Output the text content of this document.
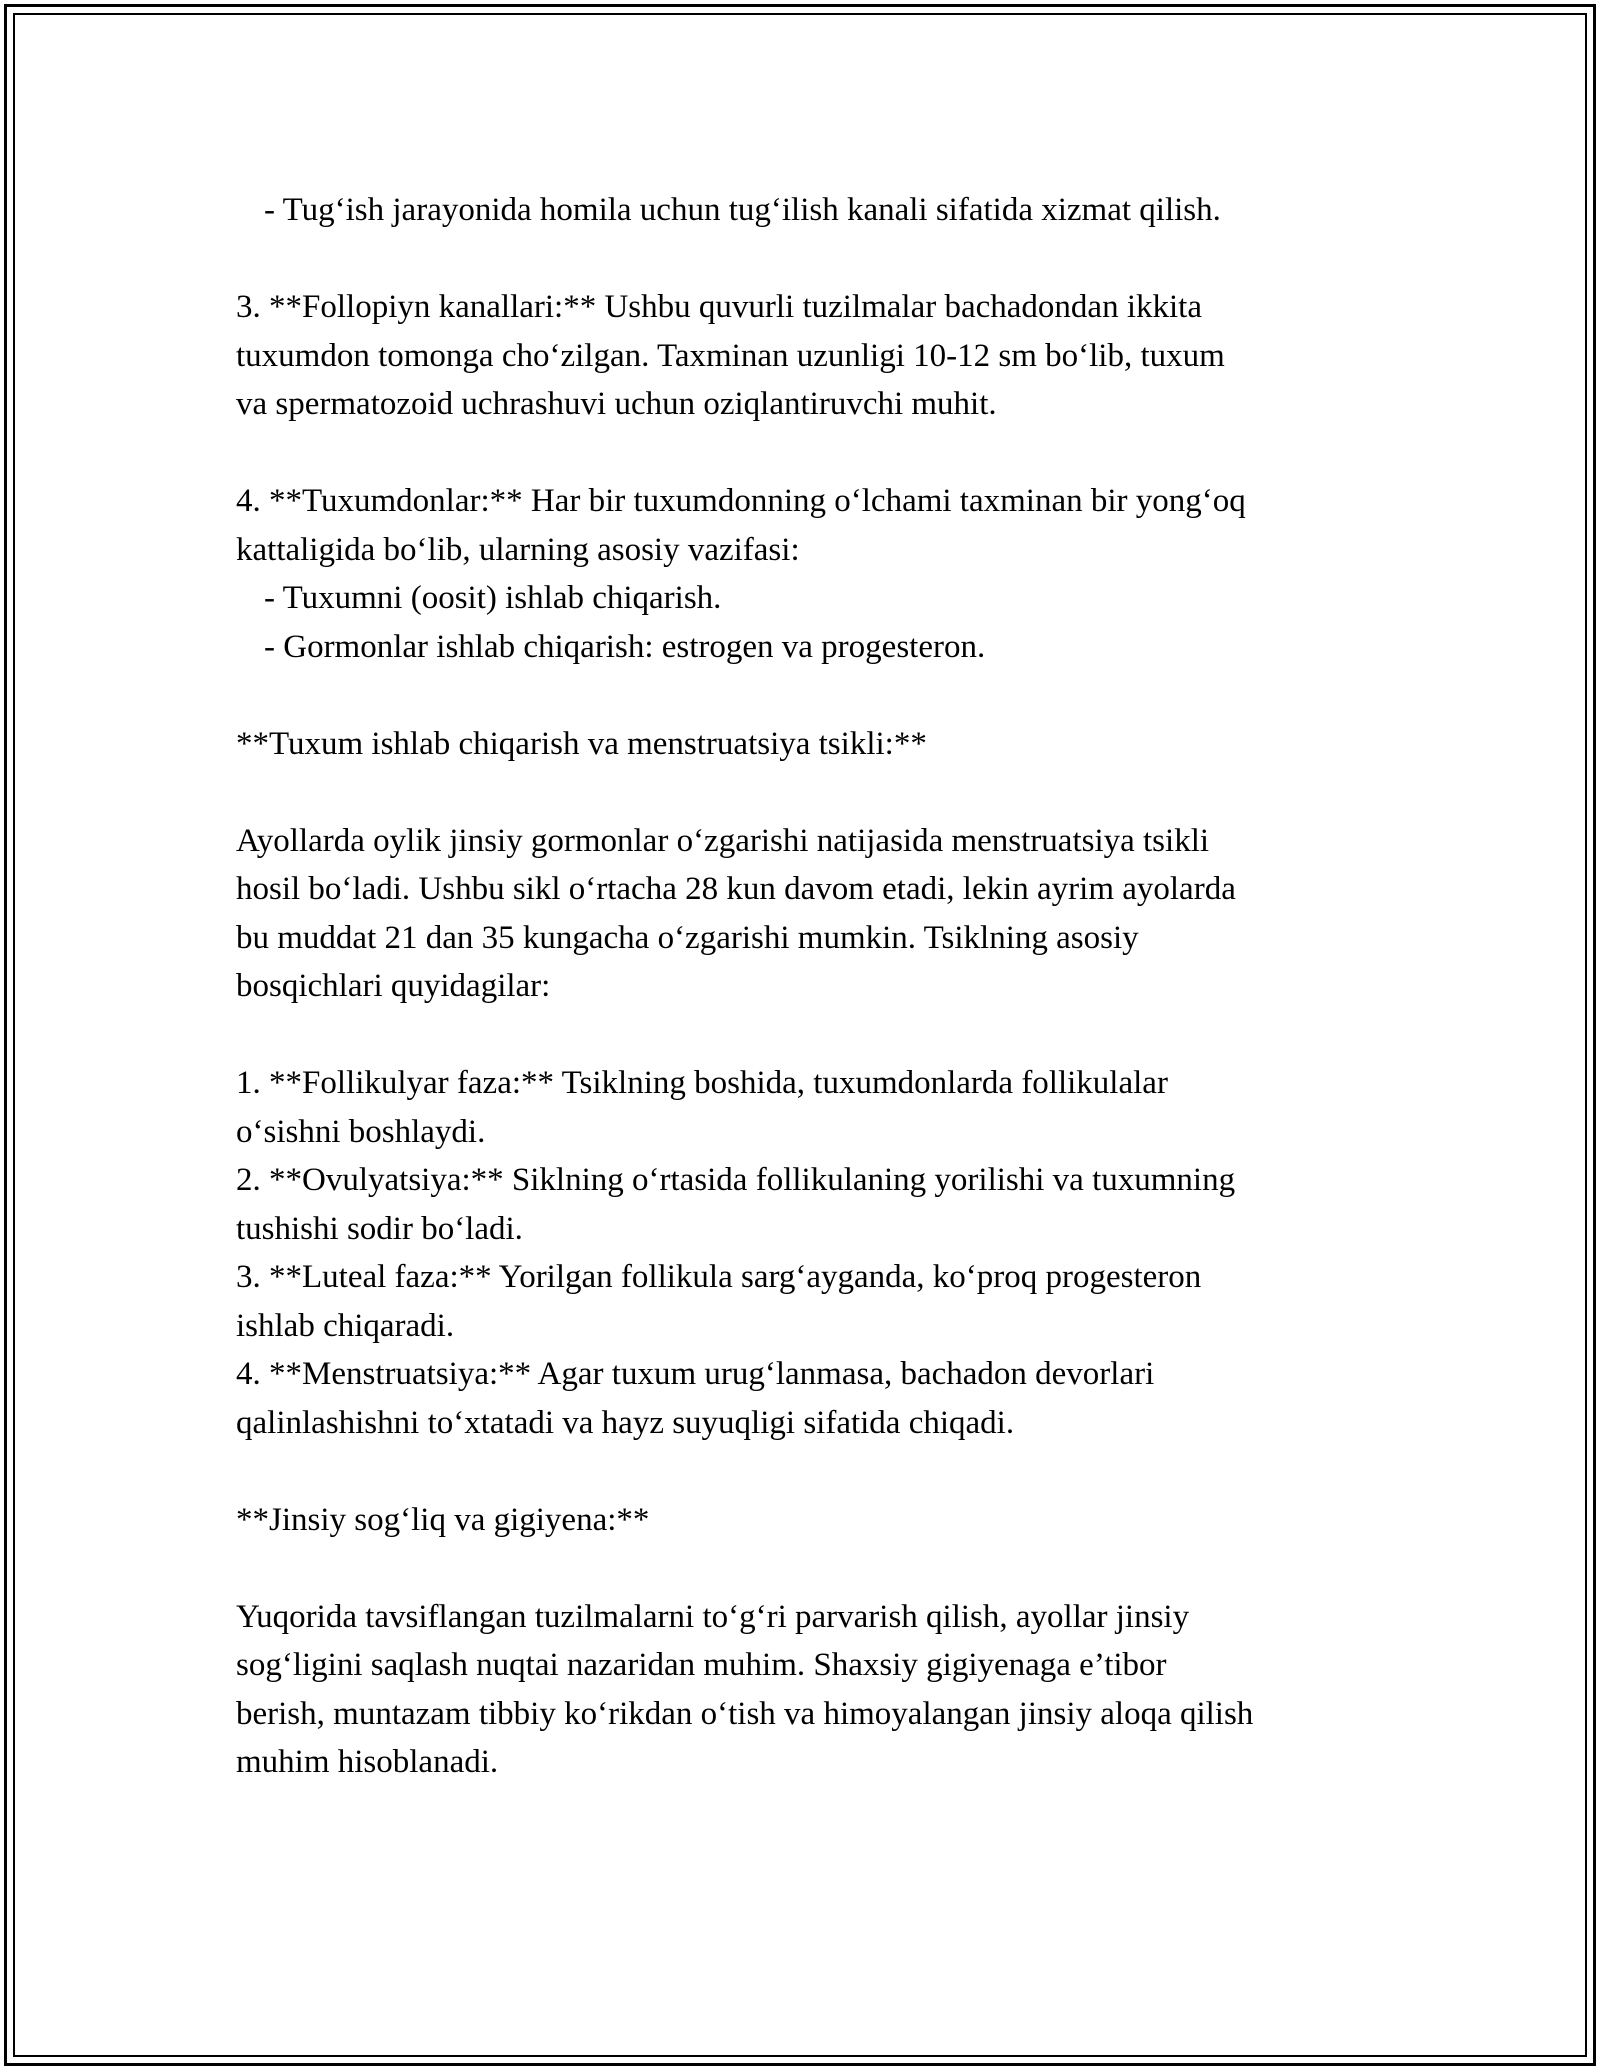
- Tug‘ish jarayonida homila uchun tug‘ilish kanali sifatida xizmat qilish.
3. **Follopiyn kanallari:** Ushbu quvurli tuzilmalar bachadondan ikkita
tuxumdon tomonga cho‘zilgan. Taxminan uzunligi 10-12 sm bo‘lib, tuxum
va spermatozoid uchrashuvi uchun oziqlantiruvchi muhit.
4. **Tuxumdonlar:** Har bir tuxumdonning o‘lchami taxminan bir yong‘oq
kattaligida bo‘lib, ularning asosiy vazifasi:
- Tuxumni (oosit) ishlab chiqarish.
- Gormonlar ishlab chiqarish: estrogen va progesteron.
**Tuxum ishlab chiqarish va menstruatsiya tsikli:**
Ayollarda oylik jinsiy gormonlar o‘zgarishi natijasida menstruatsiya tsikli
hosil bo‘ladi. Ushbu sikl o‘rtacha 28 kun davom etadi, lekin ayrim ayolarda
bu muddat 21 dan 35 kungacha o‘zgarishi mumkin. Tsiklning asosiy
bosqichlari quyidagilar:
1. **Follikulyar faza:** Tsiklning boshida, tuxumdonlarda follikulalar
o‘sishni boshlaydi.
2. **Ovulyatsiya:** Siklning o‘rtasida follikulaning yorilishi va tuxumning
tushishi sodir bo‘ladi.
3. **Luteal faza:** Yorilgan follikula sarg‘ayganda, ko‘proq progesteron
ishlab chiqaradi.
4. **Menstruatsiya:** Agar tuxum urug‘lanmasa, bachadon devorlari
qalinlashishni to‘xtatadi va hayz suyuqligi sifatida chiqadi.
**Jinsiy sog‘liq va gigiyena:**
Yuqorida tavsiflangan tuzilmalarni to‘g‘ri parvarish qilish, ayollar jinsiy
sog‘ligini saqlash nuqtai nazaridan muhim. Shaxsiy gigiyenaga e’tibor
berish, muntazam tibbiy ko‘rikdan o‘tish va himoyalangan jinsiy aloqa qilish
muhim hisoblanadi.
